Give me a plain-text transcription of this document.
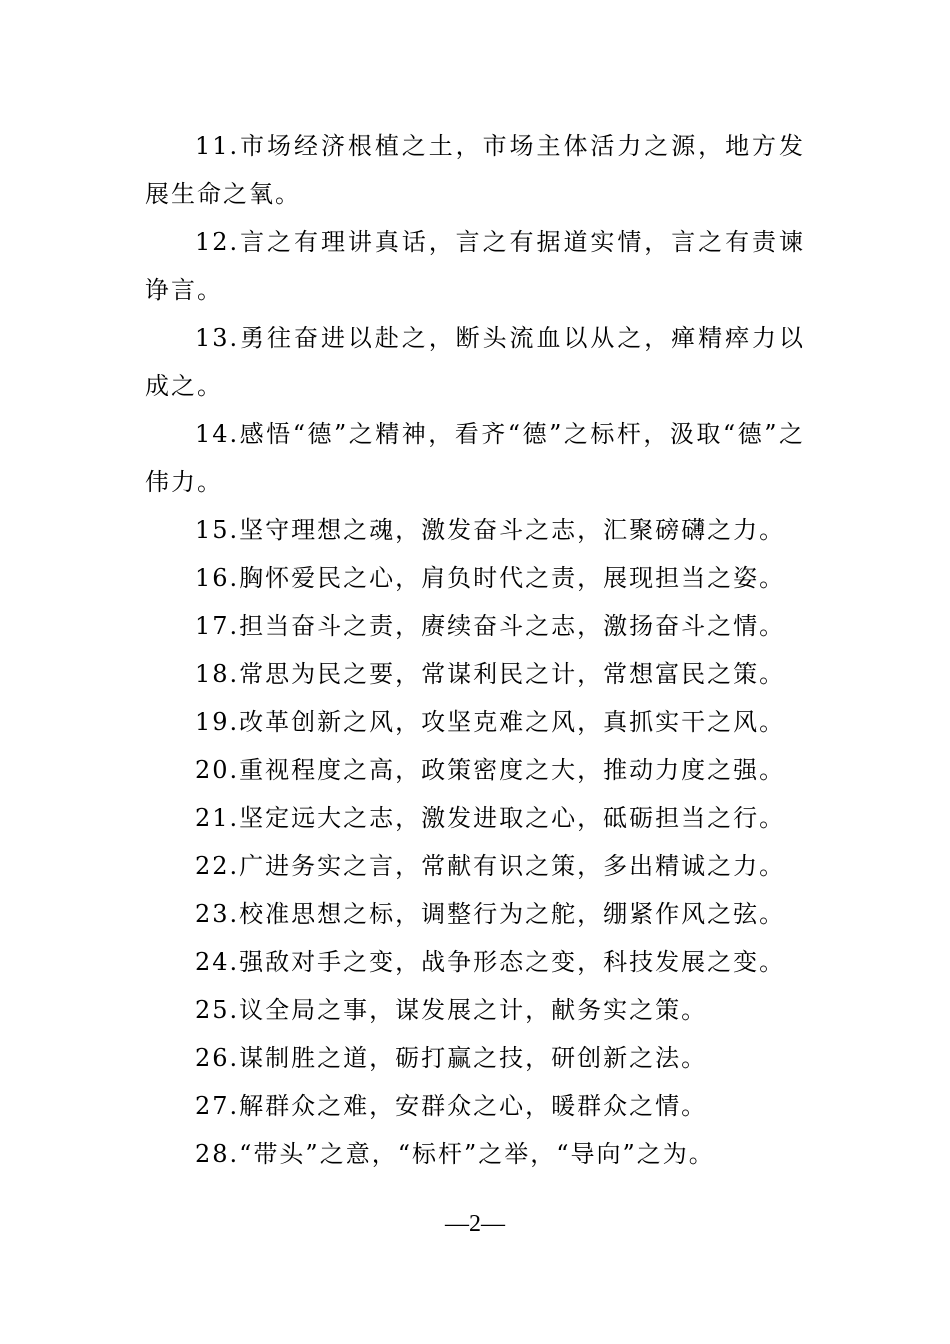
11.市场经济根植之土，市场主体活力之源，地方发展生命之氧。

12.言之有理讲真话，言之有据道实情，言之有责谏诤言。

13.勇往奋进以赴之，断头流血以从之，瘅精瘁力以成之。

14.感悟“德”之精神，看齐“德”之标杆，汲取“德”之伟力。

15.坚守理想之魂，激发奋斗之志，汇聚磅礴之力。

16.胸怀爱民之心，肩负时代之责，展现担当之姿。

17.担当奋斗之责，赓续奋斗之志，激扬奋斗之情。

18.常思为民之要，常谋利民之计，常想富民之策。

19.改革创新之风，攻坚克难之风，真抓实干之风。

20.重视程度之高，政策密度之大，推动力度之强。

21.坚定远大之志，激发进取之心，砥砺担当之行。

22.广进务实之言，常献有识之策，多出精诚之力。

23.校准思想之标，调整行为之舵，绷紧作风之弦。

24.强敌对手之变，战争形态之变，科技发展之变。

25.议全局之事，谋发展之计，献务实之策。

26.谋制胜之道，砺打赢之技，研创新之法。

27.解群众之难，安群众之心，暖群众之情。

28.“带头”之意，“标杆”之举，“导向”之为。

—2—
